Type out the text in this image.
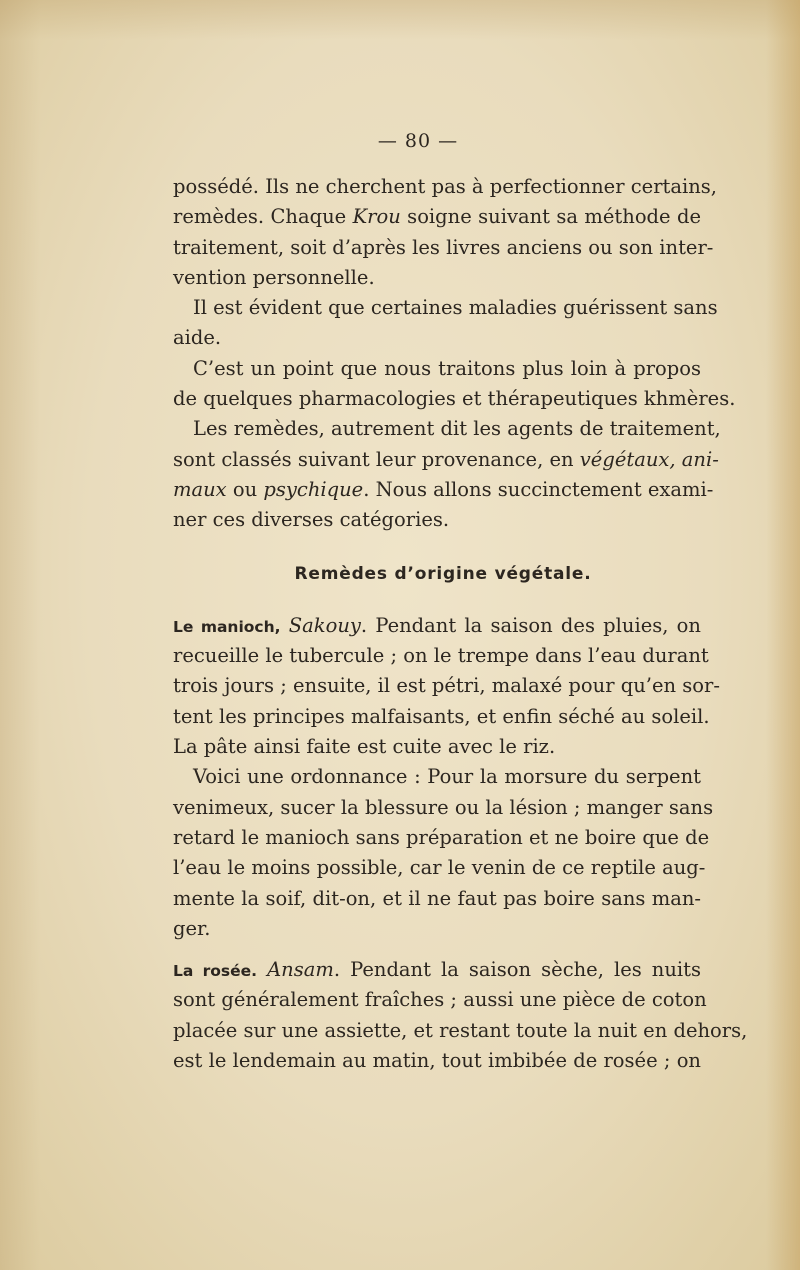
— 80 —
possédé. Ils ne cherchent pas à perfectionner certains,
remèdes. Chaque Krou soigne suivant sa méthode de
traitement, soit d’après les livres anciens ou son inter-
vention personnelle.
Il est évident que certaines maladies guérissent sans
aide.
C’est un point que nous traitons plus loin à propos
de quelques pharmacologies et thérapeutiques khmères.
Les remèdes, autrement dit les agents de traitement,
sont classés suivant leur provenance, en végétaux, ani-
maux ou psychique. Nous allons succinctement exami-
ner ces diverses catégories.
Remèdes d’origine végétale.
Le manioch, Sakouy. Pendant la saison des pluies, on
recueille le tubercule ; on le trempe dans l’eau durant
trois jours ; ensuite, il est pétri, malaxé pour qu’en sor-
tent les principes malfaisants, et enfin séché au soleil.
La pâte ainsi faite est cuite avec le riz.
Voici une ordonnance : Pour la morsure du serpent
venimeux, sucer la blessure ou la lésion ; manger sans
retard le manioch sans préparation et ne boire que de
l’eau le moins possible, car le venin de ce reptile aug-
mente la soif, dit-on, et il ne faut pas boire sans man-
ger.
La rosée. Ansam. Pendant la saison sèche, les nuits
sont généralement fraîches ; aussi une pièce de coton
placée sur une assiette, et restant toute la nuit en dehors,
est le lendemain au matin, tout imbibée de rosée ; on
